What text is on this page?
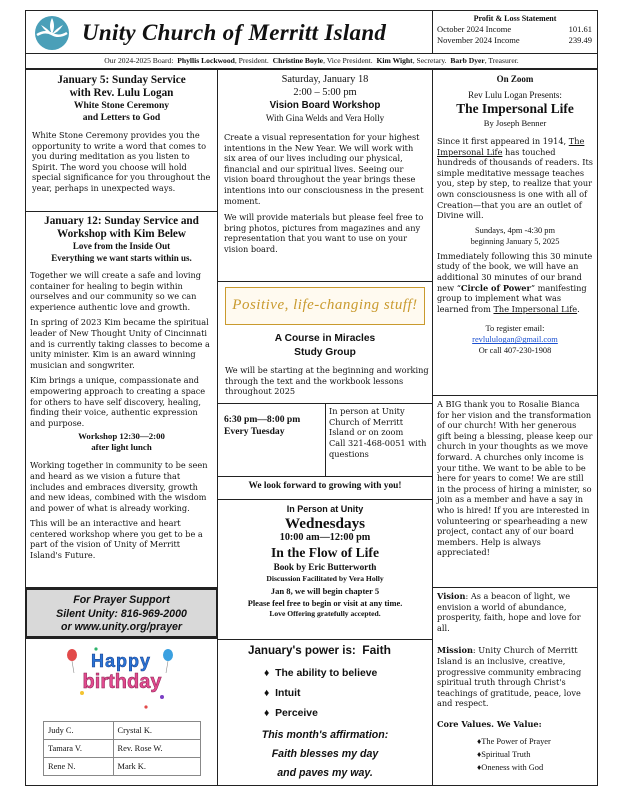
Unity Church of Merritt Island
Profit & Loss Statement
October 2024 Income	101.61
November 2024 Income	239.49
Our 2024-2025 Board: Phyllis Lockwood, President. Christine Boyle, Vice President. Kim Wight, Secretary. Barb Dyer, Treasurer.
January 5: Sunday Service
with Rev. Lulu Logan
White Stone Ceremony
and Letters to God

White Stone Ceremony provides you the opportunity to write a word that comes to you during meditation as you listen to Spirit. The word you choose will hold special significance for you throughout the year, perhaps in unexpected ways.

January 12: Sunday Service and
Workshop with Kim Belew
Love from the Inside Out
Everything we want starts within us.

Together we will create a safe and loving container for healing to begin within ourselves and our community so we can experience authentic love and growth.

In spring of 2023 Kim became the spiritual leader of New Thought Unity of Cincinnati and is currently taking classes to become a unity minister. Kim is an award winning musician and songwriter.

Kim brings a unique, compassionate and empowering approach to creating a space for others to have self discovery, healing, finding their voice, authentic expression and purpose.

Workshop 12:30—2:00
after light lunch

Working together in community to be seen and heard as we vision a future that includes and embraces diversity, growth and new ideas, combined with the wisdom and power of what is already working.

This will be an interactive and heart centered workshop where you get to be a part of the vision of Unity of Merritt Island's Future.

For Prayer Support
Silent Unity: 816-969-2000
or www.unity.org/prayer
Happy
birthday
Judy C.	Crystal K.
Tamara V.	Rev. Rose W.
Rene N.	Mark K.
Saturday, January 18
2:00 – 5:00 pm
Vision Board Workshop
With Gina Welds and Vera Holly

Create a visual representation for your highest intentions in the New Year. We will work with six area of our lives including our physical, financial and our spiritual lives. Seeing our vision board throughout the year brings these intentions into our consciousness in the present moment.

We will provide materials but please feel free to bring photos, pictures from magazines and any representation that you want to use on your vision board.

Positive, life-changing stuff!
A Course in Miracles
Study Group

We will be starting at the beginning and working through the text and the workbook lessons throughout 2025

6:30 pm—8:00 pm
Every Tuesday

In person at Unity Church of Merritt Island or on zoom

Call 321-468-0051 with questions

We look forward to growing with you!
In Person at Unity
Wednesdays
10:00 am—12:00 pm
In the Flow of Life
Book by Eric Butterworth
Discussion Facilitated by Vera Holly
Jan 8, we will begin chapter 5
Please feel free to begin or visit at any time.
Love Offering gratefully accepted.
January's power is: Faith
♦ The ability to believe
♦ Intuit
♦ Perceive
This month's affirmation:
Faith blesses my day
and paves my way.
On Zoom
Rev Lulu Logan Presents:
The Impersonal Life
By Joseph Benner

Since it first appeared in 1914, The Impersonal Life has touched hundreds of thousands of readers. Its simple meditative message teaches you, step by step, to realize that your own consciousness is one with all of Creation—that you are an outlet of Divine will.

Sundays, 4pm -4:30 pm
beginning January 5, 2025

Immediately following this 30 minute study of the book, we will have an additional 30 minutes of our brand new “Circle of Power” manifesting group to implement what was learned from The Impersonal Life.

To register email:
revlululogan@gmail.com
Or call 407-230-1908

A BIG thank you to Rosalie Bianca for her vision and the transformation of our church! With her generous gift being a blessing, please keep our church in your thoughts as we move forward. A churches only income is your tithe. We want to be able to be here for years to come! We are still in the process of hiring a minister, so join as a member and have a say in who is hired! If you are interested in volunteering or spearheading a new project, contact any of our board members. Help is always appreciated!

Vision: As a beacon of light, we envision a world of abundance, prosperity, faith, hope and love for all.

Mission: Unity Church of Merritt Island is an inclusive, creative, progressive community embracing spiritual truth through Christ's teachings of gratitude, peace, love and respect.

Core Values. We Value:

♦The Power of Prayer
♦Spiritual Truth
♦Oneness with God
